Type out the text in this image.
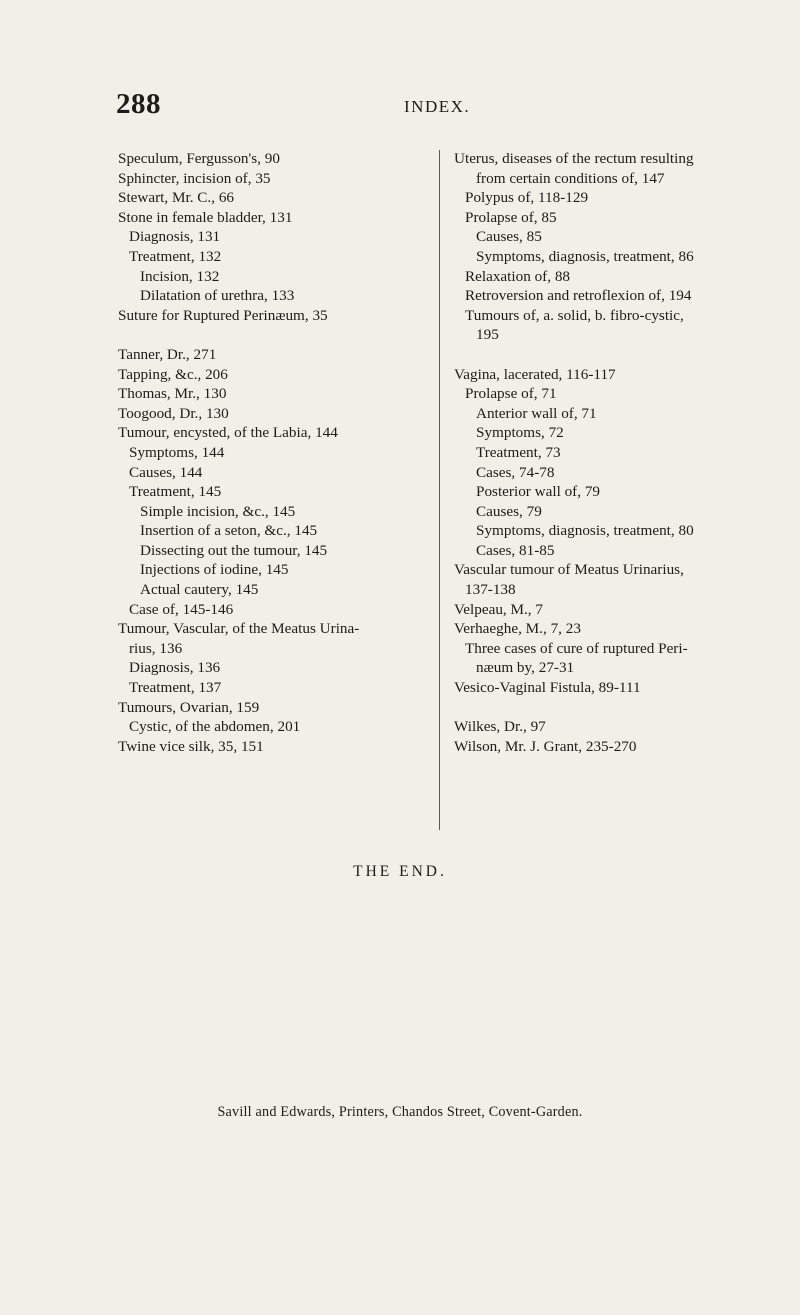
288	INDEX.
Speculum, Fergusson's, 90
Sphincter, incision of, 35
Stewart, Mr. C., 66
Stone in female bladder, 131
Diagnosis, 131
Treatment, 132
Incision, 132
Dilatation of urethra, 133
Suture for Ruptured Perinæum, 35
Tanner, Dr., 271
Tapping, &c., 206
Thomas, Mr., 130
Toogood, Dr., 130
Tumour, encysted, of the Labia, 144
Symptoms, 144
Causes, 144
Treatment, 145
Simple incision, &c., 145
Insertion of a seton, &c., 145
Dissecting out the tumour, 145
Injections of iodine, 145
Actual cautery, 145
Case of, 145-146
Tumour, Vascular, of the Meatus Urina-
rius, 136
Diagnosis, 136
Treatment, 137
Tumours, Ovarian, 159
Cystic, of the abdomen, 201
Twine vice silk, 35, 151
Uterus, diseases of the rectum resulting
from certain conditions of, 147
Polypus of, 118-129
Prolapse of, 85
Causes, 85
Symptoms, diagnosis, treatment, 86
Relaxation of, 88
Retroversion and retroflexion of, 194
Tumours of, a. solid, b. fibro-cystic,
195
Vagina, lacerated, 116-117
Prolapse of, 71
Anterior wall of, 71
Symptoms, 72
Treatment, 73
Cases, 74-78
Posterior wall of, 79
Causes, 79
Symptoms, diagnosis, treatment, 80
Cases, 81-85
Vascular tumour of Meatus Urinarius,
137-138
Velpeau, M., 7
Verhaeghe, M., 7, 23
Three cases of cure of ruptured Peri-
næum by, 27-31
Vesico-Vaginal Fistula, 89-111
Wilkes, Dr., 97
Wilson, Mr. J. Grant, 235-270
THE END.
Savill and Edwards, Printers, Chandos Street, Covent-Garden.
